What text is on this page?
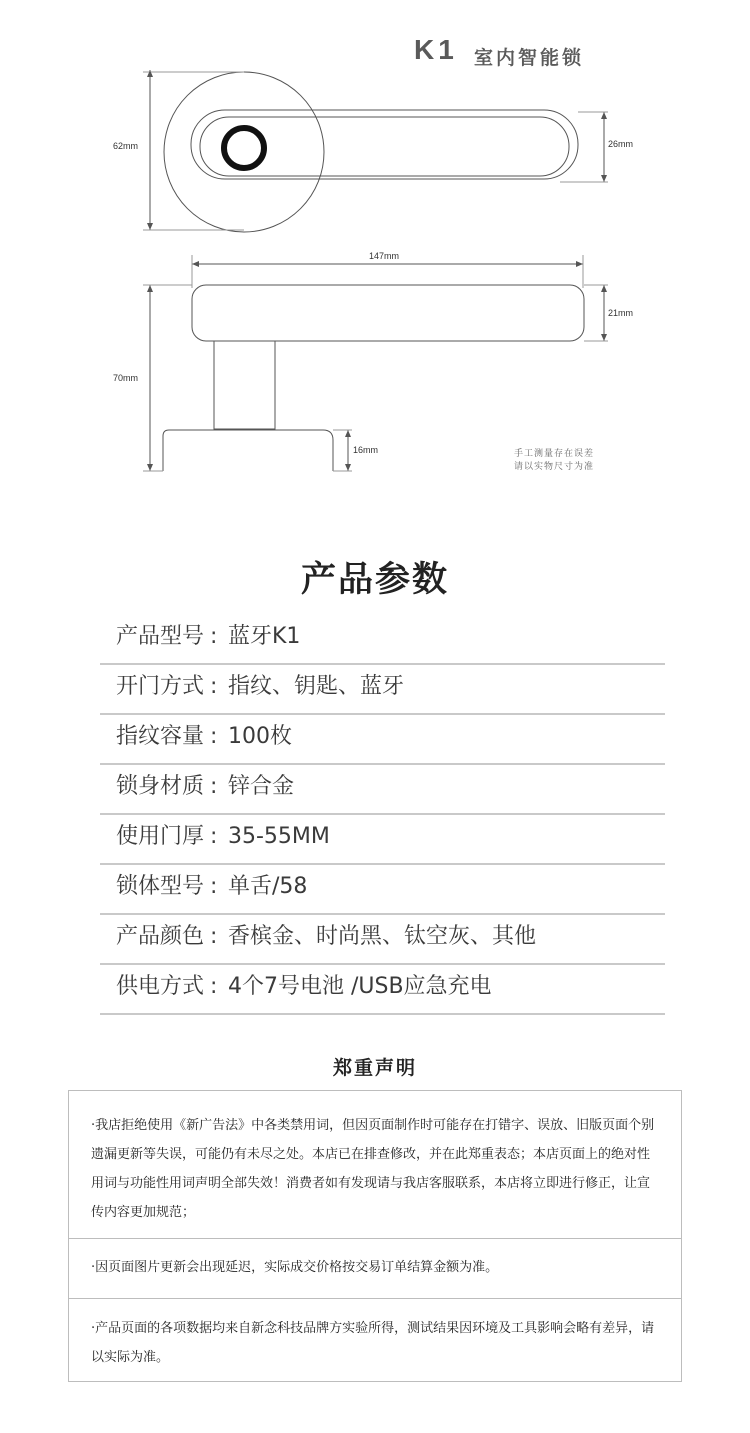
K1 室内智能锁
62mm	26mm
147mm
21mm
70mm
16mm	手工测量存在误差
请以实物尺寸为准
产品参数
产品型号 : 蓝牙K1
开门方式 : 指纹、钥匙、蓝牙
指纹容量 : 100枚
锁身材质 : 锌合金
使用门厚 : 35-55MM
锁体型号 : 单舌/58
产品颜色 : 香槟金、时尚黑、钛空灰、其他
供电方式 : 4个7号电池 /USB应急充电
郑重声明
·我店拒绝使用《新广告法》中各类禁用词，但因页面制作时可能存在打错字、误放、旧版页面个别遗漏更新等失误，可能仍有未尽之处。本店已在排查修改，并在此郑重表态；本店页面上的绝对性用词与功能性用词声明全部失效！消费者如有发现请与我店客服联系，本店将立即进行修正，让宣传内容更加规范；
·因页面图片更新会出现延迟，实际成交价格按交易订单结算金额为准。
·产品页面的各项数据均来自新念科技品牌方实验所得，测试结果因环境及工具影响会略有差异，请以实际为准。
